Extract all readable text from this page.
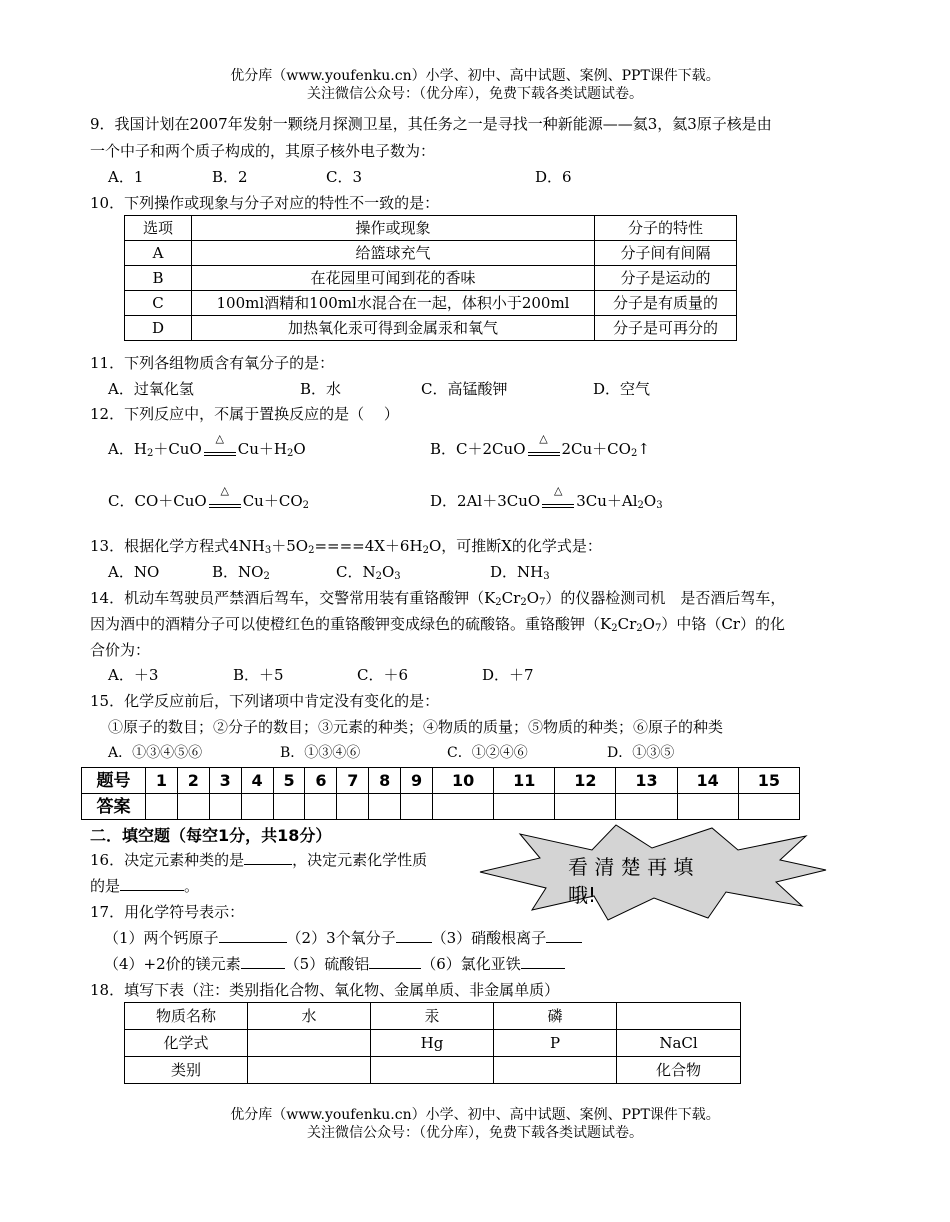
优分库（www.youfenku.cn）小学、初中、高中试题、案例、PPT课件下载。
关注微信公众号：（优分库），免费下载各类试题试卷。
9．我国计划在2007年发射一颗绕月探测卫星，其任务之一是寻找一种新能源——氦3，氦3原子核是由
一个中子和两个质子构成的，其原子核外电子数为：
A．1	B．2	C．3	D．6
10．下列操作或现象与分子对应的特性不一致的是：
选项	操作或现象	分子的特性
A	给篮球充气	分子间有间隔
B	在花园里可闻到花的香味	分子是运动的
C	100ml酒精和100ml水混合在一起，体积小于200ml	分子是有质量的
D	加热氧化汞可得到金属汞和氧气	分子是可再分的
11．下列各组物质含有氧分子的是：
A．过氧化氢	B．水	C．高锰酸钾	D．空气
12．下列反应中，不属于置换反应的是（　 ）
A．$H_2+CuO$
△
$Cu+H_2O$	B．C＋2CuO
△
$2Cu+CO_2↑$
C．CO＋CuO
△
$Cu+CO_2$	D．2Al＋3CuO
△
$3Cu+Al_2O_3$
13．根据化学方程式$4NH_3+5O_2====4X+6H_2O$，可推断X的化学式是：
A．NO	B．$NO_2$	C．$N_2O_3$	D．$NH_3$
14．机动车驾驶员严禁酒后驾车，交警常用装有重铬酸钾$(K_2Cr_2O_7)$的仪器检测司机　是否酒后驾车，
因为酒中的酒精分子可以使橙红色的重铬酸钾变成绿色的硫酸铬。重铬酸钾$(K_2Cr_2O_7)$中铬（Cr）的化
合价为：
A．＋3	B．＋5	C．＋6	D．＋7
15．化学反应前后，下列诸项中肯定没有变化的是：
①原子的数目；②分子的数目；③元素的种类；④物质的质量；⑤物质的种类；⑥原子的种类
A．①③④⑤⑥	B．①③④⑥	C．①②④⑥	D．①③⑤
题号	1	2	3	4	5	6	7	8	9	10	11	12	13	14	15
答案															
二．填空题（每空1分，共18分）
看 清 楚 再 填
哦!
16．决定元素种类的是	，决定元素化学性质
的是	。
17．用化学符号表示：
（1）两个钙原子	（2）3个氧分子 （3）硝酸根离子
（4）+2价的镁元素	（5）硫酸铝	（6）氯化亚铁
18．填写下表（注：类别指化合物、氧化物、金属单质、非金属单质）
物质名称	水	汞	磷	
化学式		Hg	P	NaCl
类别				化合物
优分库（www.youfenku.cn）小学、初中、高中试题、案例、PPT课件下载。
关注微信公众号：（优分库），免费下载各类试题试卷。
